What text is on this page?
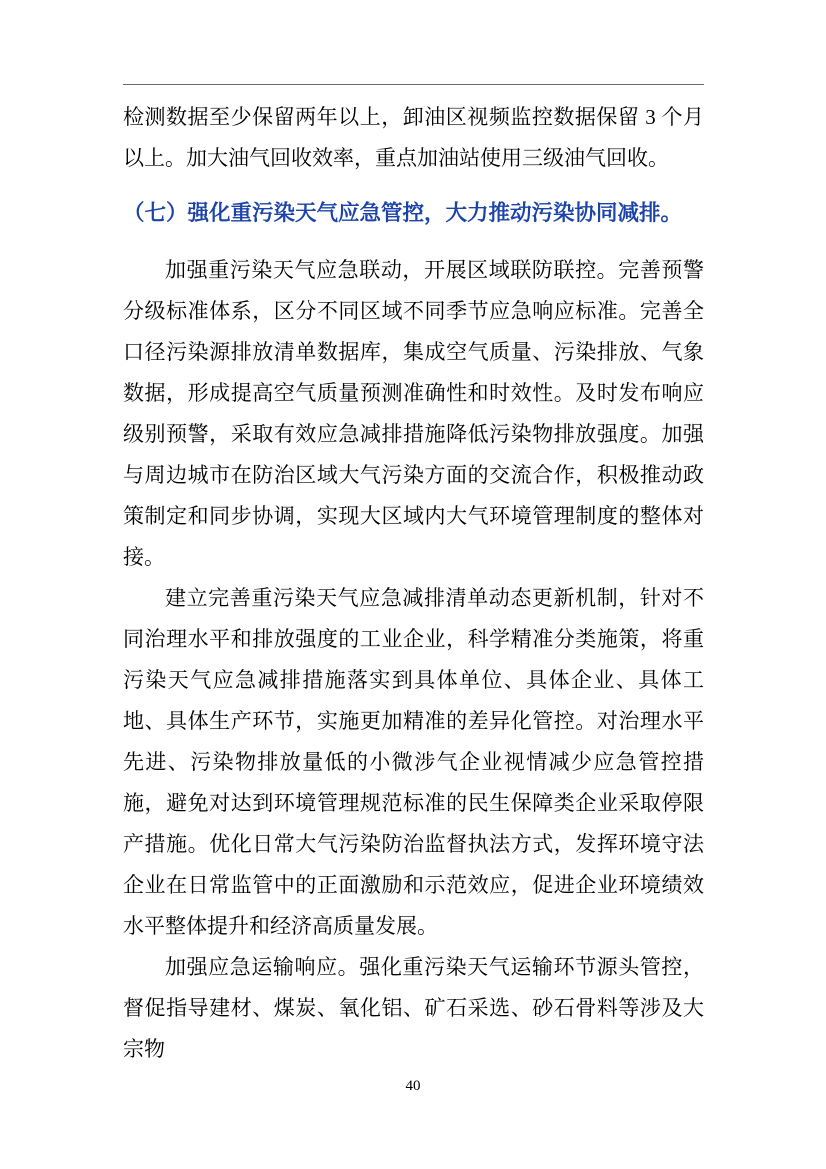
检测数据至少保留两年以上，卸油区视频监控数据保留 3 个月以上。加大油气回收效率，重点加油站使用三级油气回收。

（七）强化重污染天气应急管控，大力推动污染协同减排。

加强重污染天气应急联动，开展区域联防联控。完善预警分级标准体系，区分不同区域不同季节应急响应标准。完善全口径污染源排放清单数据库，集成空气质量、污染排放、气象数据，形成提高空气质量预测准确性和时效性。及时发布响应级别预警，采取有效应急减排措施降低污染物排放强度。加强与周边城市在防治区域大气污染方面的交流合作，积极推动政策制定和同步协调，实现大区域内大气环境管理制度的整体对接。

建立完善重污染天气应急减排清单动态更新机制，针对不同治理水平和排放强度的工业企业，科学精准分类施策，将重污染天气应急减排措施落实到具体单位、具体企业、具体工地、具体生产环节，实施更加精准的差异化管控。对治理水平先进、污染物排放量低的小微涉气企业视情减少应急管控措施，避免对达到环境管理规范标准的民生保障类企业采取停限产措施。优化日常大气污染防治监督执法方式，发挥环境守法企业在日常监管中的正面激励和示范效应，促进企业环境绩效水平整体提升和经济高质量发展。

加强应急运输响应。强化重污染天气运输环节源头管控，督促指导建材、煤炭、氧化铝、矿石采选、砂石骨料等涉及大宗物

40
